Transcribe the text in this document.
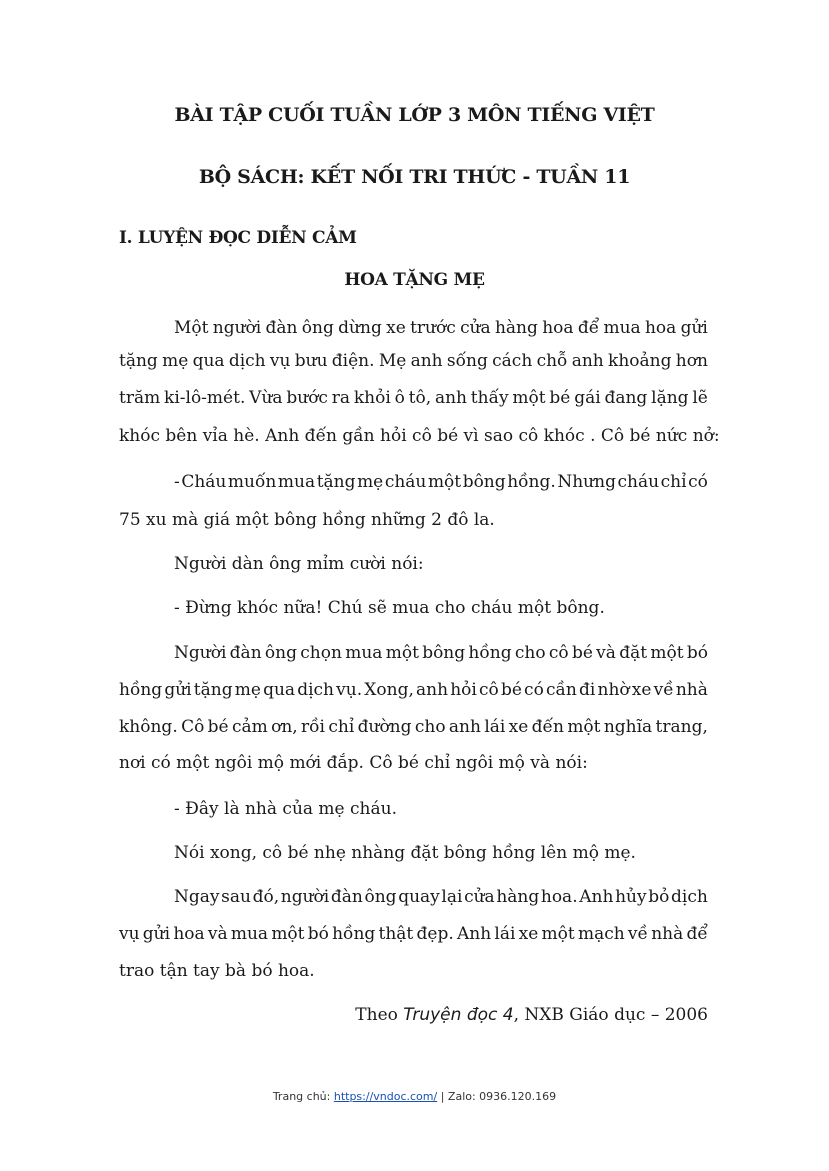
BÀI TẬP CUỐI TUẦN LỚP 3 MÔN TIẾNG VIỆT
BỘ SÁCH: KẾT NỐI TRI THỨC - TUẦN 11
I. LUYỆN ĐỌC DIỄN CẢM
HOA TẶNG MẸ
Một người đàn ông dừng xe trước cửa hàng hoa để mua hoa gửi
tặng mẹ qua dịch vụ bưu điện. Mẹ anh sống cách chỗ anh khoảng hơn
trăm ki-lô-mét. Vừa bước ra khỏi ô tô, anh thấy một bé gái đang lặng lẽ
khóc bên vỉa hè. Anh đến gần hỏi cô bé vì sao cô khóc . Cô bé nức nở:
- Cháu muốn mua tặng mẹ cháu một bông hồng. Nhưng cháu chỉ có
75 xu mà giá một bông hồng những 2 đô la.
Người dàn ông mỉm cười nói:
- Đừng khóc nữa! Chú sẽ mua cho cháu một bông.
Người đàn ông chọn mua một bông hồng cho cô bé và đặt một bó
hồng gửi tặng mẹ qua dịch vụ. Xong, anh hỏi cô bé có cần đi nhờ xe về nhà
không. Cô bé cảm ơn, rồi chỉ đường cho anh lái xe đến một nghĩa trang,
nơi có một ngôi mộ mới đắp. Cô bé chỉ ngôi mộ và nói:
- Đây là nhà của mẹ cháu.
Nói xong, cô bé nhẹ nhàng đặt bông hồng lên mộ mẹ.
Ngay sau đó, người đàn ông quay lại cửa hàng hoa. Anh hủy bỏ dịch
vụ gửi hoa và mua một bó hồng thật đẹp. Anh lái xe một mạch về nhà để
trao tận tay bà bó hoa.
Theo Truyện đọc 4, NXB Giáo dục – 2006
Trang chủ: https://vndoc.com/ | Zalo: 0936.120.169
